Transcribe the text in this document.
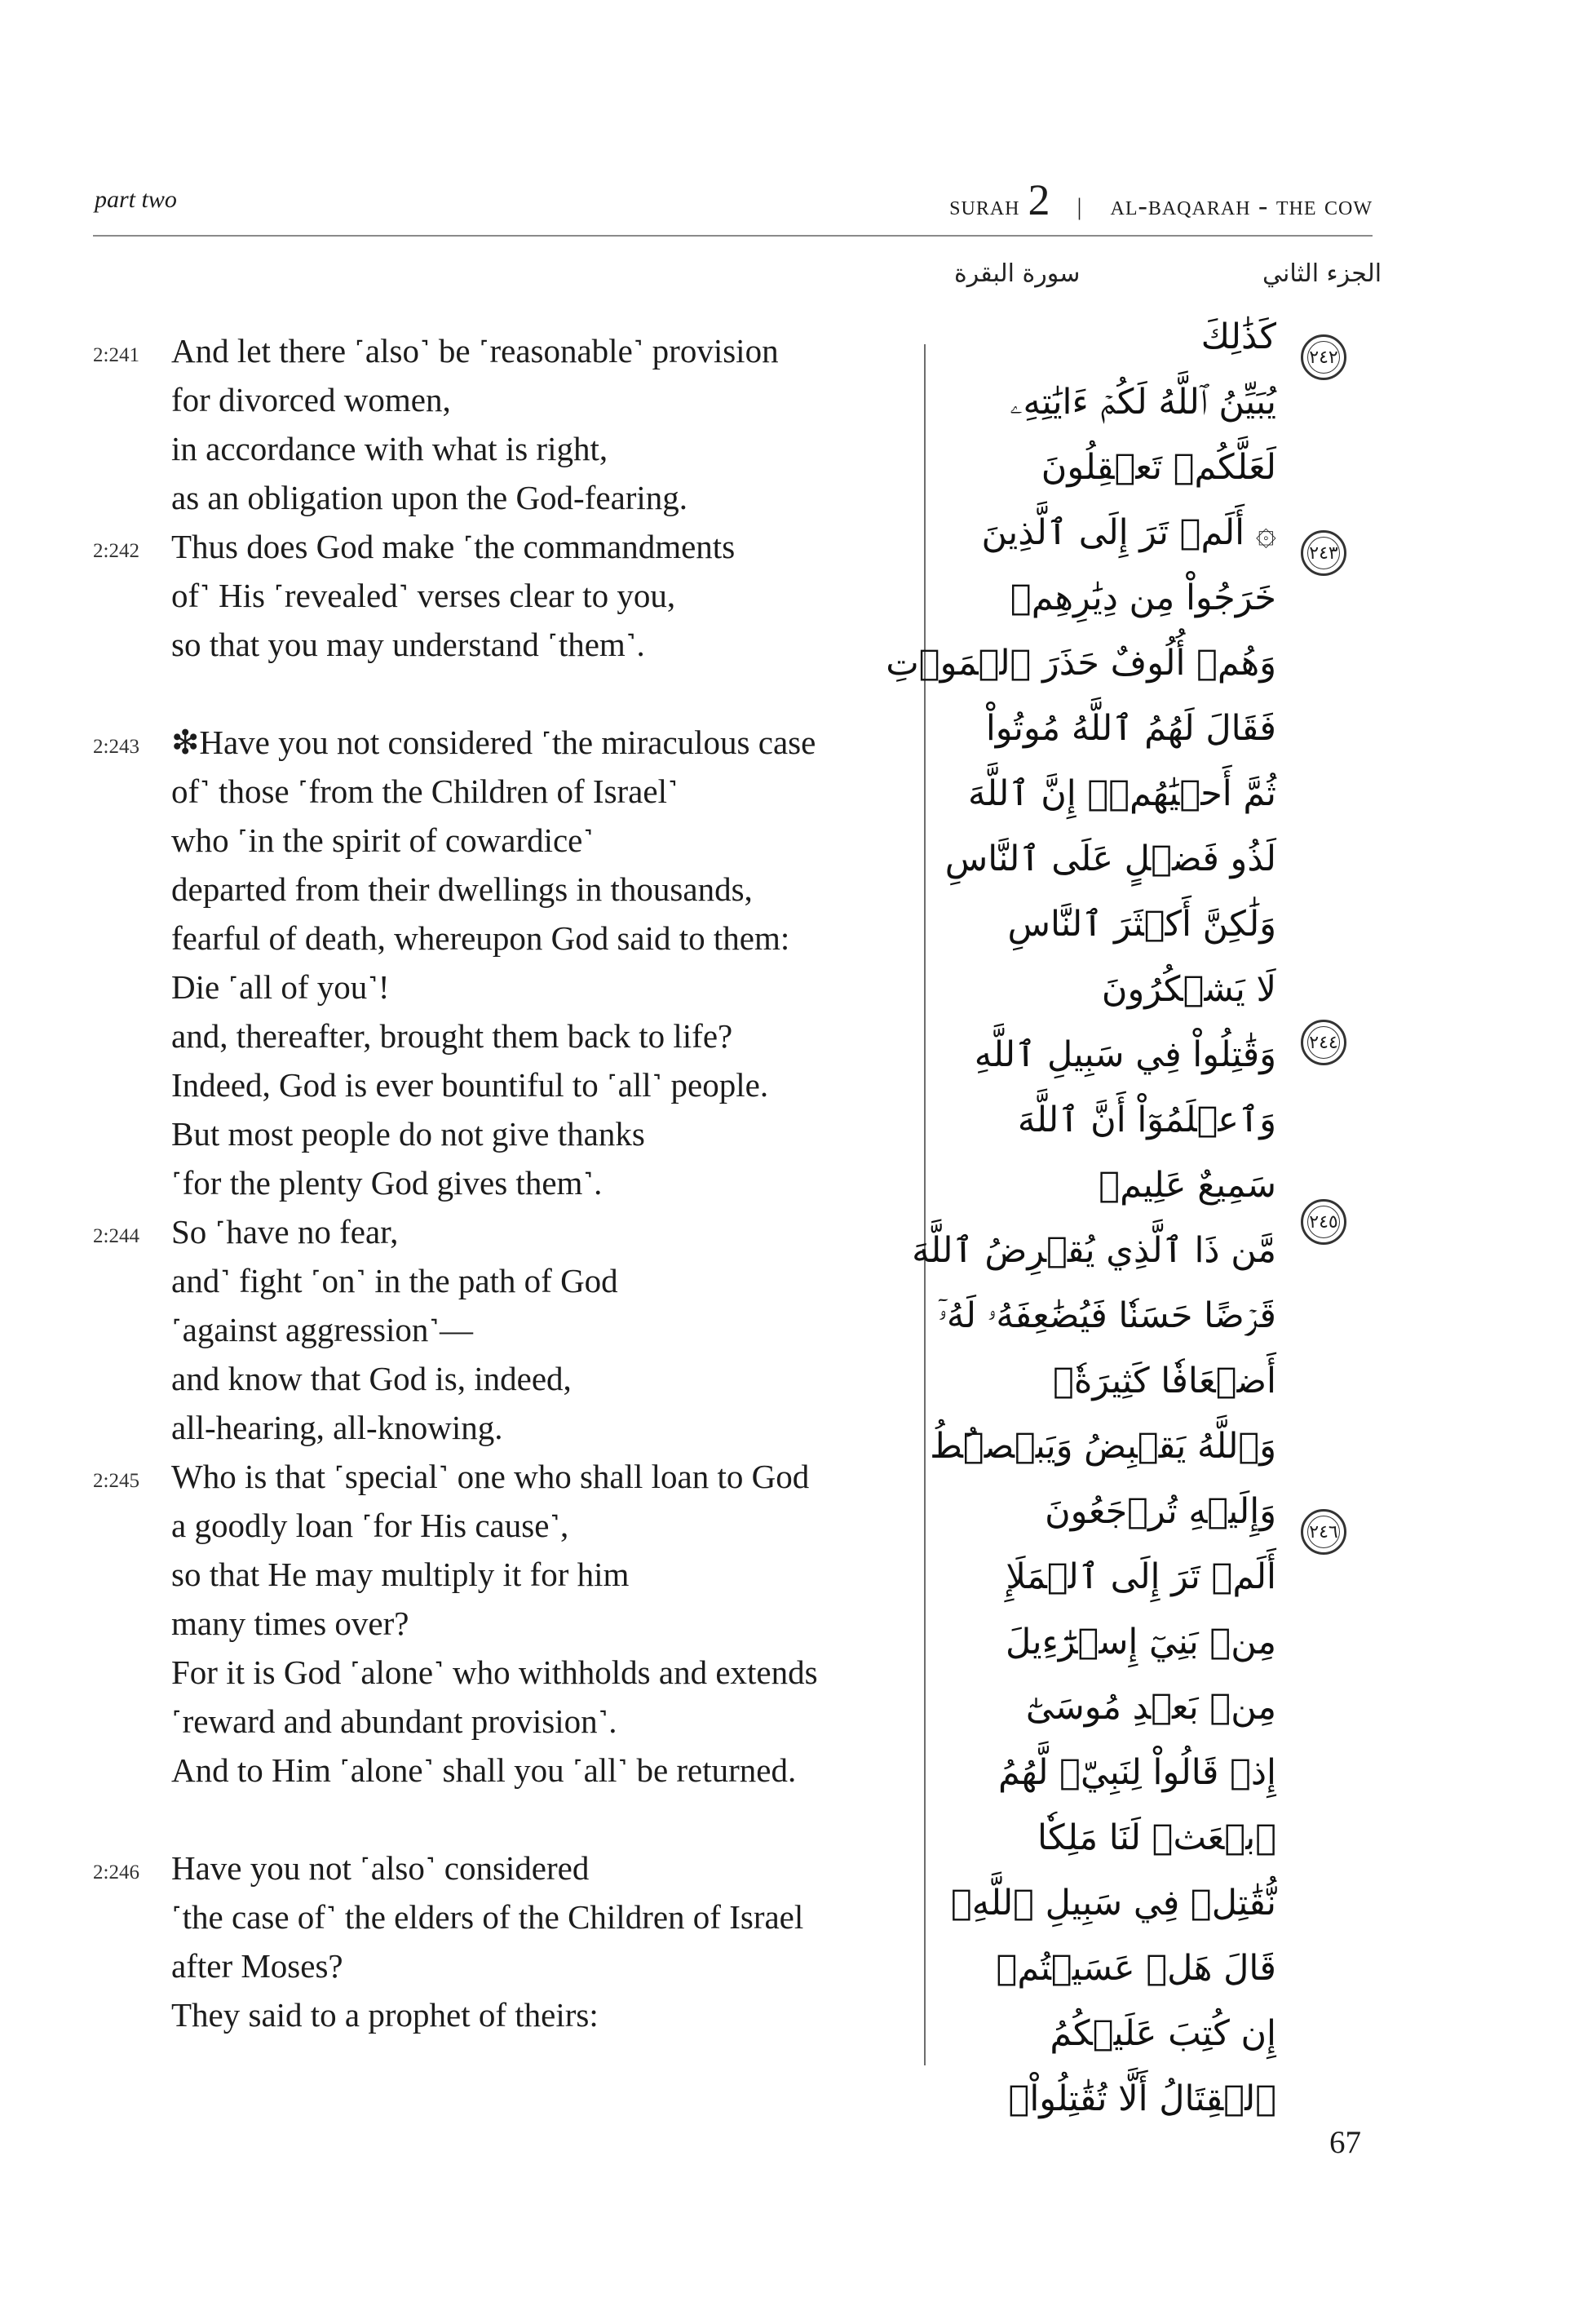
part two	surah 2 | al-baqarah - the cow
الجزء الثاني
سورة البقرة
And let there ˹also˺ be ˹reasonable˺ provision
2:241
for divorced women,
in accordance with what is right,
as an obligation upon the God-fearing.
Thus does God make ˹the commandments
2:242
of˺ His ˹revealed˺ verses clear to you,
so that you may understand ˹them˺.
❇Have you not considered ˹the miraculous case
2:243
of˺ those ˹from the Children of Israel˺
who ˹in the spirit of cowardice˺
departed from their dwellings in thousands,
fearful of death, whereupon God said to them:
Die ˹all of you˺!
and, thereafter, brought them back to life?
Indeed, God is ever bountiful to ˹all˺ people.
But most people do not give thanks
˹for the plenty God gives them˺.
So ˹have no fear,
2:244
and˺ fight ˹on˺ in the path of God
˹against aggression˺—
and know that God is, indeed,
all-hearing, all-knowing.
Who is that ˹special˺ one who shall loan to God
2:245
a goodly loan ˹for His cause˺,
so that He may multiply it for him
many times over?
For it is God ˹alone˺ who withholds and extends
˹reward and abundant provision˺.
And to Him ˹alone˺ shall you ˹all˺ be returned.
Have you not ˹also˺ considered
2:246
˹the case of˺ the elders of the Children of Israel
after Moses?
They said to a prophet of theirs:
كَذَٰلِكَ
يُبَيِّنُ ٱللَّهُ لَكُمۡ ءَايَٰتِهِۦ
لَعَلَّكُمۡ تَعۡقِلُونَ
۞ أَلَمۡ تَرَ إِلَى ٱلَّذِينَ
خَرَجُواْ مِن دِيَٰرِهِمۡ
وَهُمۡ أُلُوفٌ حَذَرَ ٱلۡمَوۡتِ
فَقَالَ لَهُمُ ٱللَّهُ مُوتُواْ
ثُمَّ أَحۡيَٰهُمۡۚ إِنَّ ٱللَّهَ
لَذُو فَضۡلٍ عَلَى ٱلنَّاسِ
وَلَٰكِنَّ أَكۡثَرَ ٱلنَّاسِ
لَا يَشۡكُرُونَ
وَقَٰتِلُواْ فِي سَبِيلِ ٱللَّهِ
وَٱعۡلَمُوٓاْ أَنَّ ٱللَّهَ
سَمِيعٌ عَلِيمٞ
مَّن ذَا ٱلَّذِي يُقۡرِضُ ٱللَّهَ
قَرۡضًا حَسَنٗا فَيُضَٰعِفَهُۥ لَهُۥٓ
أَضۡعَافٗا كَثِيرَةٗۚ
وَٱللَّهُ يَقۡبِضُ وَيَبۡصُۜطُ
وَإِلَيۡهِ تُرۡجَعُونَ
أَلَمۡ تَرَ إِلَى ٱلۡمَلَإِ
مِنۢ بَنِيٓ إِسۡرَٰٓءِيلَ
مِنۢ بَعۡدِ مُوسَىٰٓ
إِذۡ قَالُواْ لِنَبِيّٖ لَّهُمُ
ٱبۡعَثۡ لَنَا مَلِكٗا
نُّقَٰتِلۡ فِي سَبِيلِ ٱللَّهِۖ
قَالَ هَلۡ عَسَيۡتُمۡ
إِن كُتِبَ عَلَيۡكُمُ
ٱلۡقِتَالُ أَلَّا تُقَٰتِلُواْۖ
٢٤٢
٢٤٣
٢٤٤
٢٤٥
٢٤٦
67
